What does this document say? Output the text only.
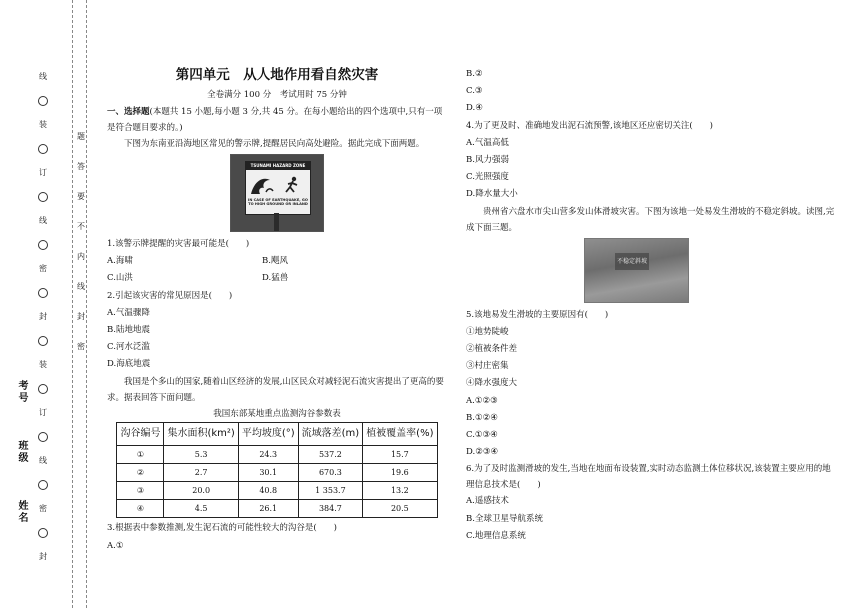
线
装
订
线
密
封
装
订
线
密
封
题
答
要
不
内
线
封
密
考号
班级
姓名
第四单元　从人地作用看自然灾害
全卷满分 100 分　考试用时 75 分钟
一、选择题(本题共 15 小题,每小题 3 分,共 45 分。在每小题给出的四个选项中,只有一项是符合题目要求的。)
下图为东南亚沿海地区常见的警示牌,提醒居民向高处避险。据此完成下面两题。
TSUNAMI HAZARD ZONE
IN CASE OF EARTHQUAKE, GO TO HIGH GROUND OR INLAND
1.该警示牌提醒的灾害最可能是(　　)
A.海啸	B.飓风
C.山洪	D.猛兽
2.引起该灾害的常见原因是(　　)
A.气温骤降
B.陆地地震
C.河水泛滥
D.海底地震
我国是个多山的国家,随着山区经济的发展,山区民众对减轻泥石流灾害提出了更高的要求。据表回答下面问题。
我国东部某地重点监测沟谷参数表
沟谷编号	集水面积(km²)	平均坡度(°)	流域落差(m)	植被覆盖率(%)
①	5.3	24.3	537.2	15.7
②	2.7	30.1	670.3	19.6
③	20.0	40.8	1 353.7	13.2
④	4.5	26.1	384.7	20.5
3.根据表中参数推测,发生泥石流的可能性较大的沟谷是(　　)
A.①
B.②
C.③
D.④
4.为了更及时、准确地发出泥石流预警,该地区还应密切关注(　　)
A.气温高低
B.风力强弱
C.光照强度
D.降水量大小
贵州省六盘水市尖山营多发山体滑坡灾害。下图为该地一处易发生滑坡的不稳定斜坡。读图,完成下面三题。
不稳定斜坡
5.该地易发生滑坡的主要原因有(　　)
①地势陡峻
②植被条件差
③村庄密集
④降水强度大
A.①②③
B.①②④
C.①③④
D.②③④
6.为了及时监测滑坡的发生,当地在地面布设装置,实时动态监测土体位移状况,该装置主要应用的地理信息技术是(　　)
A.遥感技术
B.全球卫星导航系统
C.地理信息系统
